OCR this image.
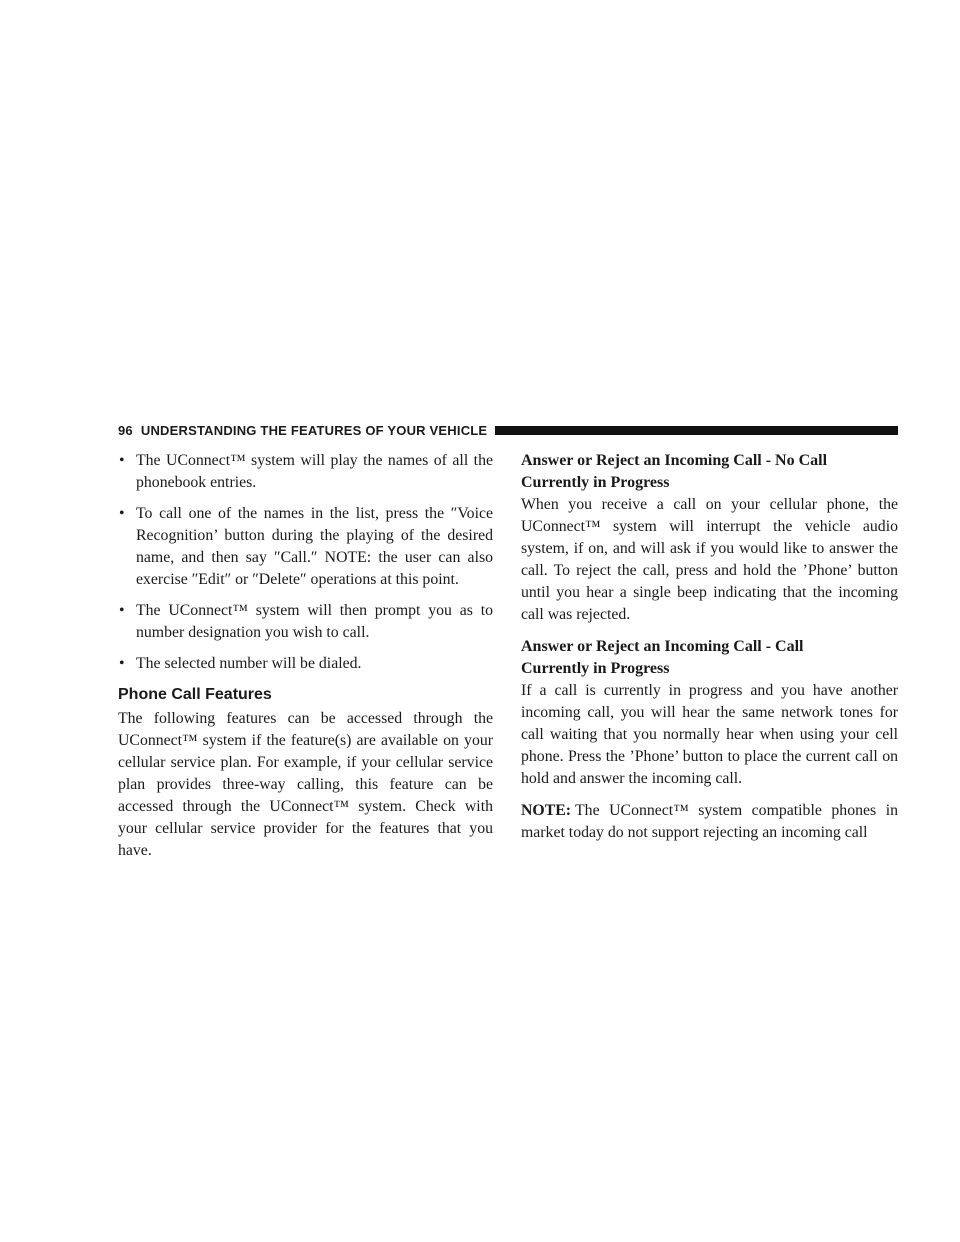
96 UNDERSTANDING THE FEATURES OF YOUR VEHICLE
• The UConnect™ system will play the names of all the phonebook entries.
• To call one of the names in the list, press the ″Voice Recognition’ button during the playing of the desired name, and then say ″Call.″ NOTE: the user can also exercise ″Edit″ or ″Delete″ operations at this point.
• The UConnect™ system will then prompt you as to number designation you wish to call.
• The selected number will be dialed.
Phone Call Features

The following features can be accessed through the UConnect™ system if the feature(s) are available on your cellular service plan. For example, if your cellular service plan provides three-way calling, this feature can be accessed through the UConnect™ system. Check with your cellular service provider for the features that you have.

Answer or Reject an Incoming Call - No Call Currently in Progress

When you receive a call on your cellular phone, the UConnect™ system will interrupt the vehicle audio system, if on, and will ask if you would like to answer the call. To reject the call, press and hold the ’Phone’ button until you hear a single beep indicating that the incoming call was rejected.

Answer or Reject an Incoming Call - Call Currently in Progress

If a call is currently in progress and you have another incoming call, you will hear the same network tones for call waiting that you normally hear when using your cell phone. Press the ’Phone’ button to place the current call on hold and answer the incoming call.

NOTE: The UConnect™ system compatible phones in market today do not support rejecting an incoming call
